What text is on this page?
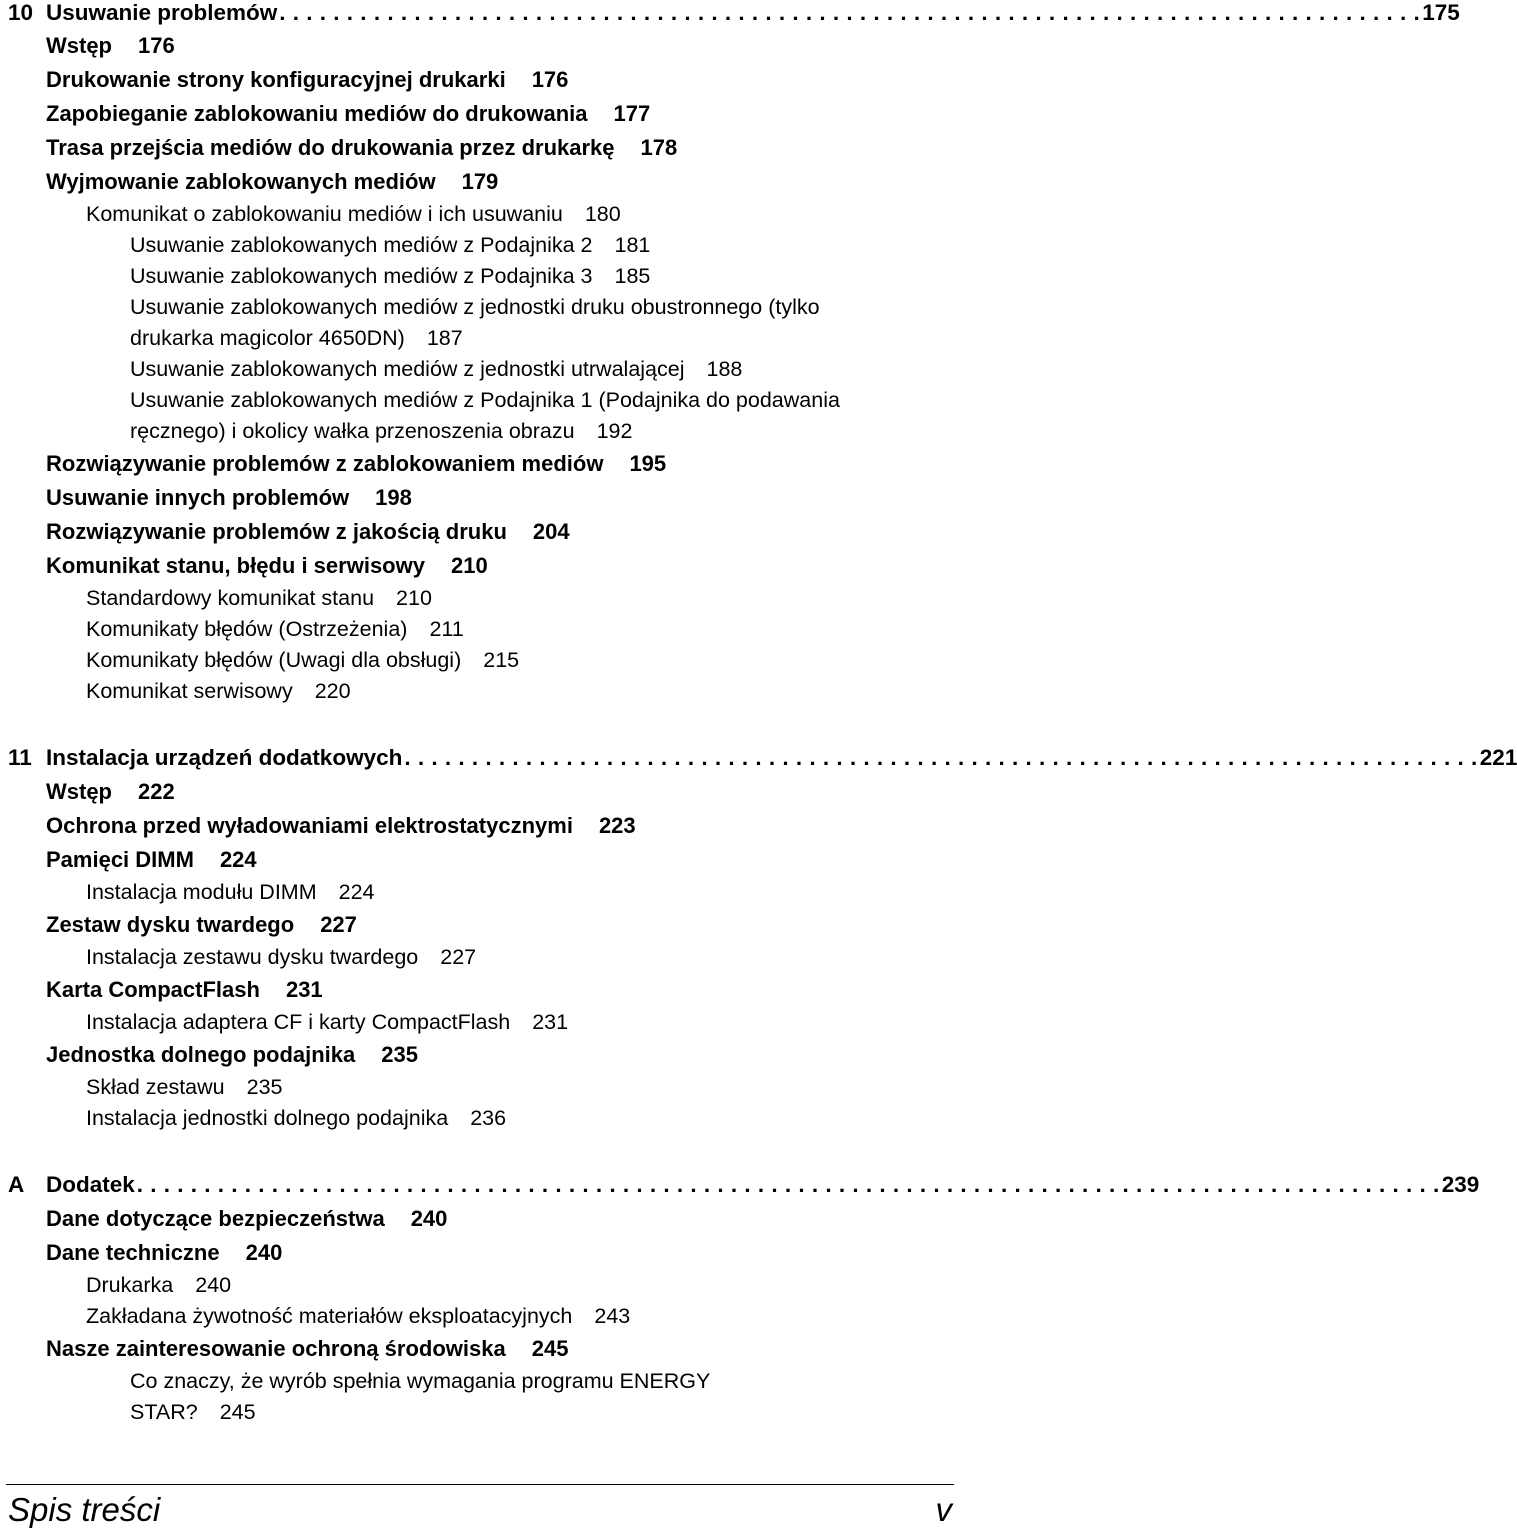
10 Usuwanie problemów . . . . . . . . . . . . . . . . . . . . . . . . . . . . . . . . . . . . . . . . . . . . . . . . . . . . . . . . . . . . . . . . . . . . . . . . . . . . . . . . . . . . . 175
Wstęp 176
Drukowanie strony konfiguracyjnej drukarki 176
Zapobieganie zablokowaniu mediów do drukowania 177
Trasa przejścia mediów do drukowania przez drukarkę 178
Wyjmowanie zablokowanych mediów 179
Komunikat o zablokowaniu mediów i ich usuwaniu 180
Usuwanie zablokowanych mediów z Podajnika 2 181
Usuwanie zablokowanych mediów z Podajnika 3 185
Usuwanie zablokowanych mediów z jednostki druku obustronnego (tylko drukarka magicolor 4650DN) 187
Usuwanie zablokowanych mediów z jednostki utrwalającej 188
Usuwanie zablokowanych mediów z Podajnika 1 (Podajnika do podawania ręcznego) i okolicy wałka przenoszenia obrazu 192
Rozwiązywanie problemów z zablokowaniem mediów 195
Usuwanie innych problemów 198
Rozwiązywanie problemów z jakością druku 204
Komunikat stanu, błędu i serwisowy 210
Standardowy komunikat stanu 210
Komunikaty błędów (Ostrzeżenia) 211
Komunikaty błędów (Uwagi dla obsługi) 215
Komunikat serwisowy 220
11 Instalacja urządzeń dodatkowych . . . . . . . . . . . . . . . . . . . . . . . . . . . . . . . . . . . . . . . . . . . . . . . . . . . . . . . . . . . . . . . . . . . . . . . . . . . . . . . . 221
Wstęp 222
Ochrona przed wyładowaniami elektrostatycznymi 223
Pamięci DIMM 224
Instalacja modułu DIMM 224
Zestaw dysku twardego 227
Instalacja zestawu dysku twardego 227
Karta CompactFlash 231
Instalacja adaptera CF i karty CompactFlash 231
Jednostka dolnego podajnika 235
Skład zestawu 235
Instalacja jednostki dolnego podajnika 236
A Dodatek . . . . . . . . . . . . . . . . . . . . . . . . . . . . . . . . . . . . . . . . . . . . . . . . . . . . . . . . . . . . . . . . . . . . . . . . . . . . . . . . . . . . . . . . . . . . . . . . . 239
Dane dotyczące bezpieczeństwa 240
Dane techniczne 240
Drukarka 240
Zakładana żywotność materiałów eksploatacyjnych 243
Nasze zainteresowanie ochroną środowiska 245
Co znaczy, że wyrób spełnia wymagania programu ENERGY STAR? 245
Spis treści	v
